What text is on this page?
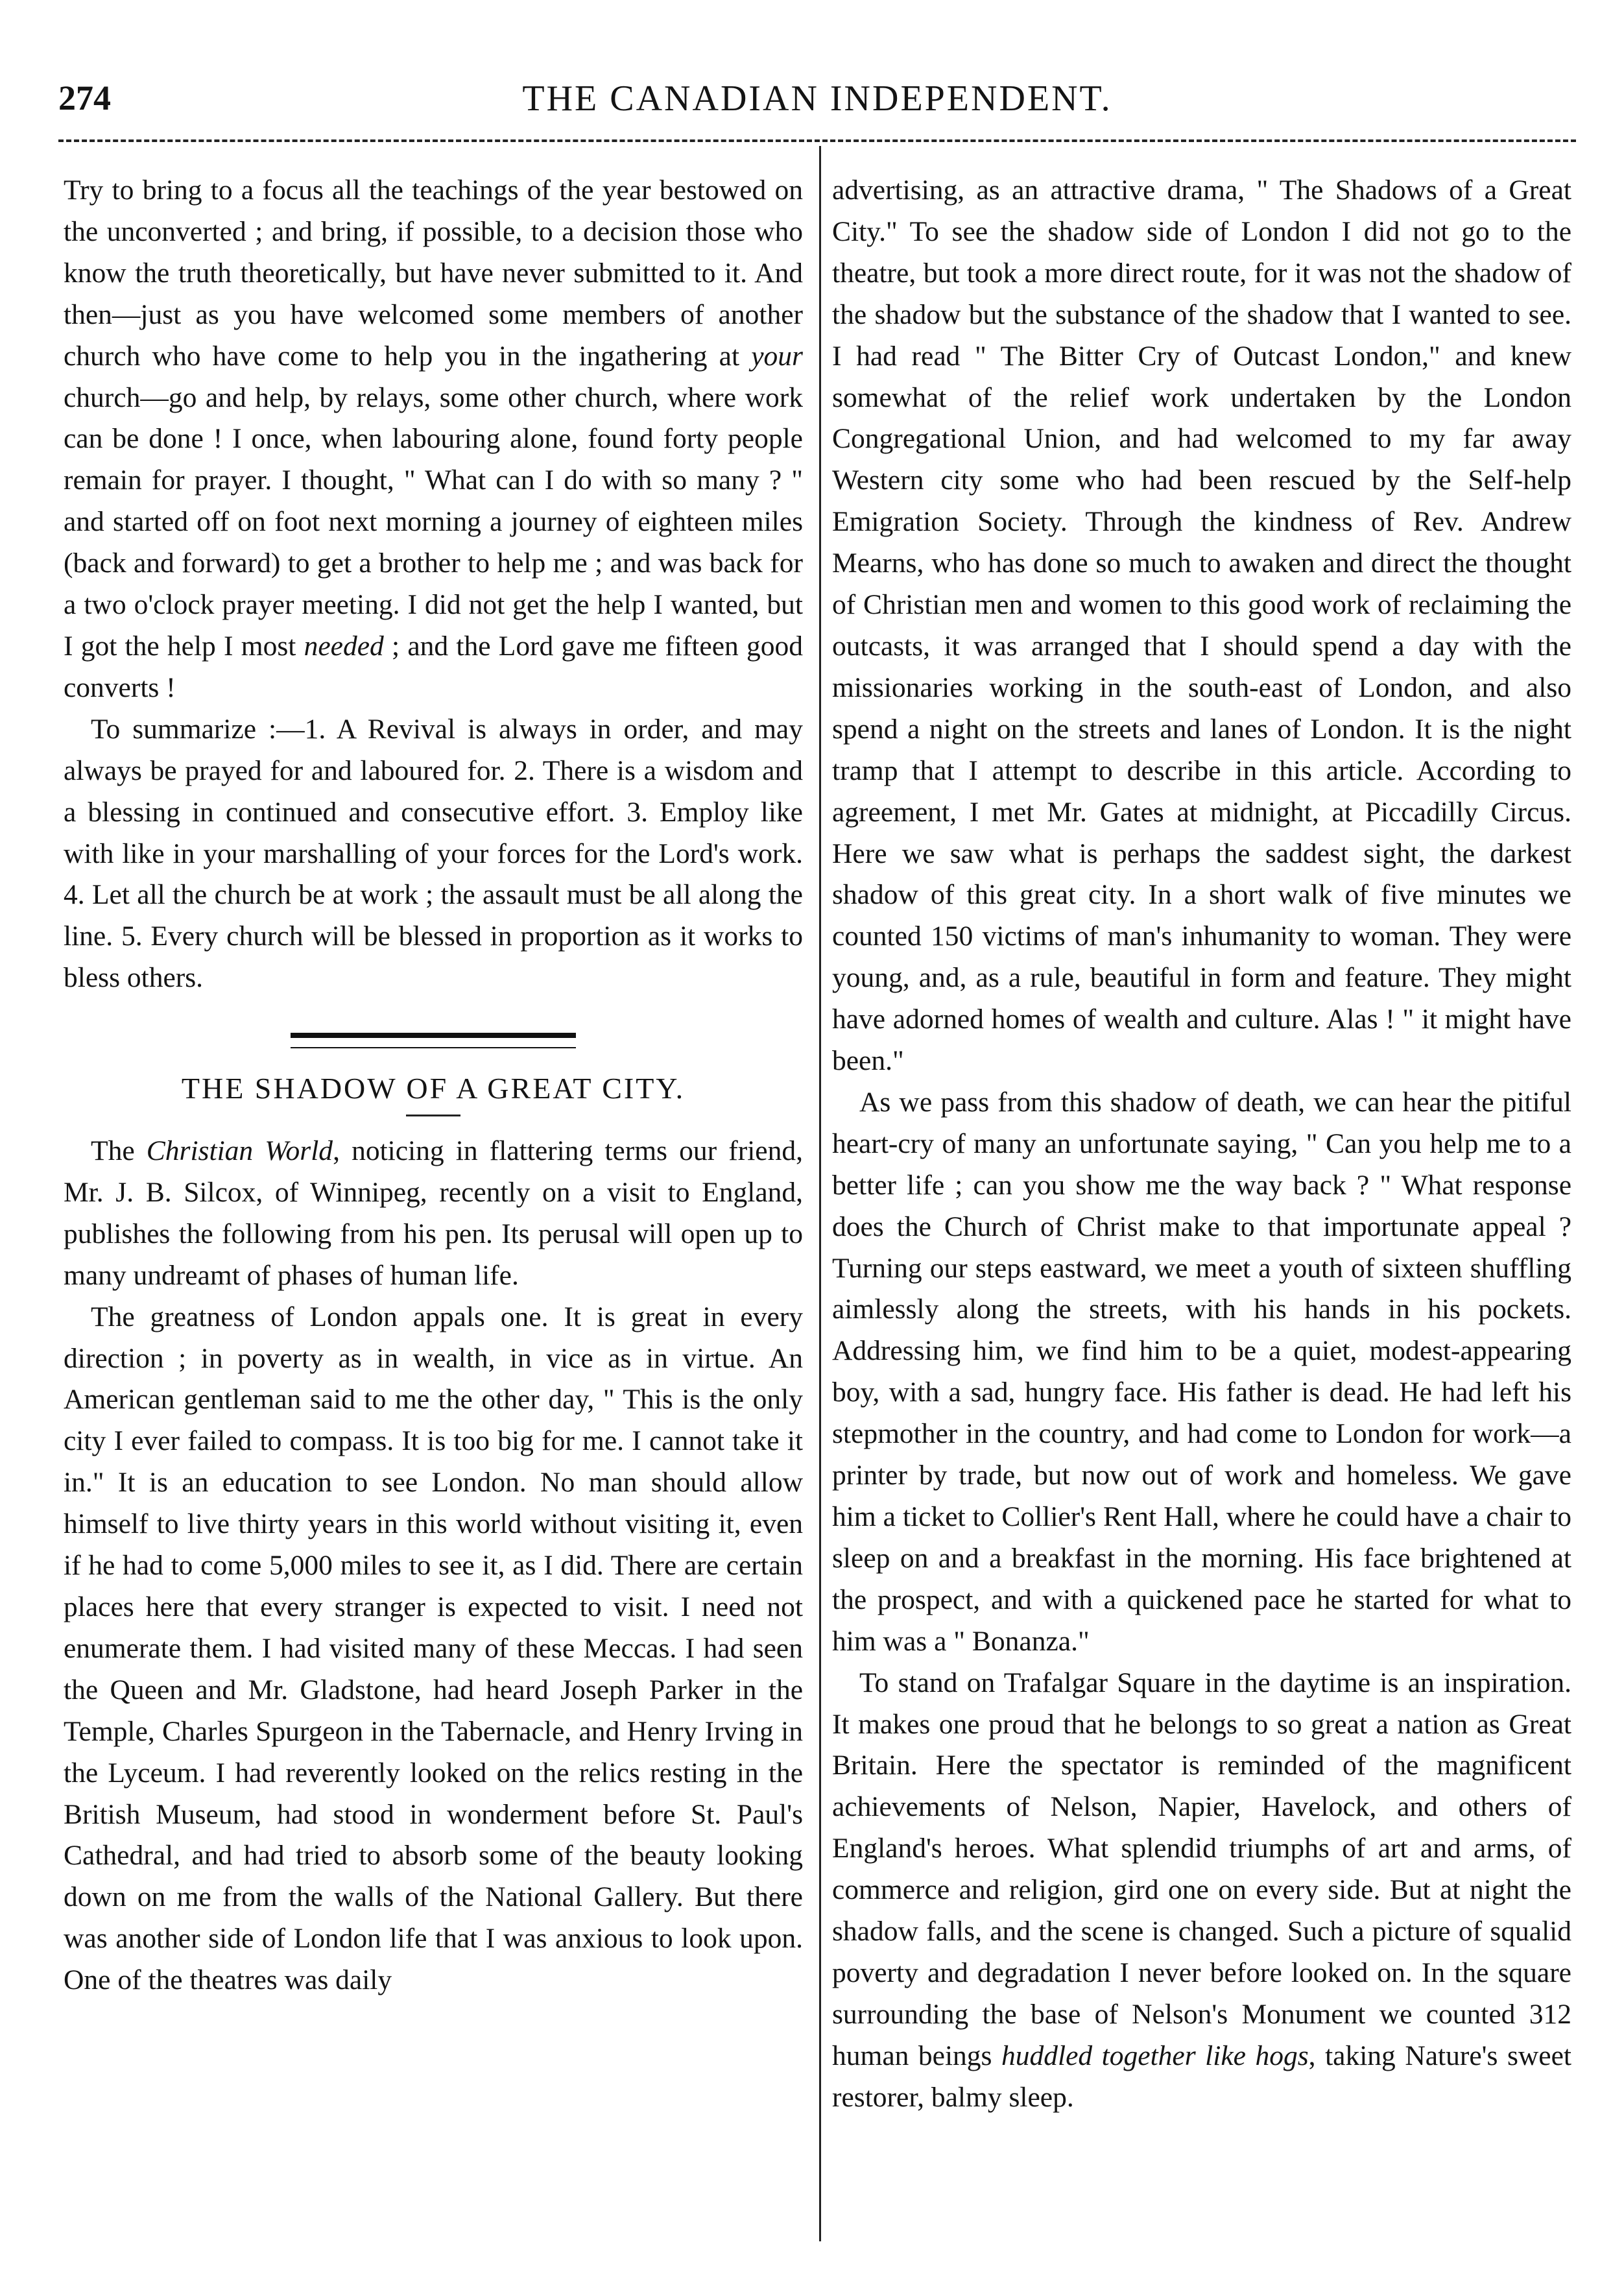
274	THE CANADIAN INDEPENDENT.

Try to bring to a focus all the teachings of the year bestowed on the unconverted ; and bring, if possible, to a decision those who know the truth theoretically, but have never submitted to it. And then—just as you have welcomed some members of another church who have come to help you in the ingathering at your church—go and help, by relays, some other church, where work can be done ! I once, when labouring alone, found forty people remain for prayer. I thought, " What can I do with so many ? " and started off on foot next morning a journey of eighteen miles (back and forward) to get a brother to help me ; and was back for a two o'clock prayer meeting. I did not get the help I wanted, but I got the help I most needed ; and the Lord gave me fifteen good converts !

To summarize :—1. A Revival is always in order, and may always be prayed for and laboured for. 2. There is a wisdom and a blessing in continued and consecutive effort. 3. Employ like with like in your marshalling of your forces for the Lord's work. 4. Let all the church be at work ; the assault must be all along the line. 5. Every church will be blessed in proportion as it works to bless others.

THE SHADOW OF A GREAT CITY.

The Christian World, noticing in flattering terms our friend, Mr. J. B. Silcox, of Winnipeg, recently on a visit to England, publishes the following from his pen. Its perusal will open up to many undreamt of phases of human life.

The greatness of London appals one. It is great in every direction ; in poverty as in wealth, in vice as in virtue. An American gentleman said to me the other day, " This is the only city I ever failed to compass. It is too big for me. I cannot take it in." It is an education to see London. No man should allow himself to live thirty years in this world without visiting it, even if he had to come 5,000 miles to see it, as I did. There are certain places here that every stranger is expected to visit. I need not enumerate them. I had visited many of these Meccas. I had seen the Queen and Mr. Gladstone, had heard Joseph Parker in the Temple, Charles Spurgeon in the Tabernacle, and Henry Irving in the Lyceum. I had reverently looked on the relics resting in the British Museum, had stood in wonderment before St. Paul's Cathedral, and had tried to absorb some of the beauty looking down on me from the walls of the National Gallery. But there was another side of London life that I was anxious to look upon. One of the theatres was daily

advertising, as an attractive drama, " The Shadows of a Great City." To see the shadow side of London I did not go to the theatre, but took a more direct route, for it was not the shadow of the shadow but the substance of the shadow that I wanted to see. I had read " The Bitter Cry of Outcast London," and knew somewhat of the relief work undertaken by the London Congregational Union, and had welcomed to my far away Western city some who had been rescued by the Self-help Emigration Society. Through the kindness of Rev. Andrew Mearns, who has done so much to awaken and direct the thought of Christian men and women to this good work of reclaiming the outcasts, it was arranged that I should spend a day with the missionaries working in the south-east of London, and also spend a night on the streets and lanes of London. It is the night tramp that I attempt to describe in this article. According to agreement, I met Mr. Gates at midnight, at Piccadilly Circus. Here we saw what is perhaps the saddest sight, the darkest shadow of this great city. In a short walk of five minutes we counted 150 victims of man's inhumanity to woman. They were young, and, as a rule, beautiful in form and feature. They might have adorned homes of wealth and culture. Alas ! " it might have been."

As we pass from this shadow of death, we can hear the pitiful heart-cry of many an unfortunate saying, " Can you help me to a better life ; can you show me the way back ? " What response does the Church of Christ make to that importunate appeal ? Turning our steps eastward, we meet a youth of sixteen shuffling aimlessly along the streets, with his hands in his pockets. Addressing him, we find him to be a quiet, modest-appearing boy, with a sad, hungry face. His father is dead. He had left his stepmother in the country, and had come to London for work—a printer by trade, but now out of work and homeless. We gave him a ticket to Collier's Rent Hall, where he could have a chair to sleep on and a breakfast in the morning. His face brightened at the prospect, and with a quickened pace he started for what to him was a " Bonanza."

To stand on Trafalgar Square in the daytime is an inspiration. It makes one proud that he belongs to so great a nation as Great Britain. Here the spectator is reminded of the magnificent achievements of Nelson, Napier, Havelock, and others of England's heroes. What splendid triumphs of art and arms, of commerce and religion, gird one on every side. But at night the shadow falls, and the scene is changed. Such a picture of squalid poverty and degradation I never before looked on. In the square surrounding the base of Nelson's Monument we counted 312 human beings huddled together like hogs, taking Nature's sweet restorer, balmy sleep.
